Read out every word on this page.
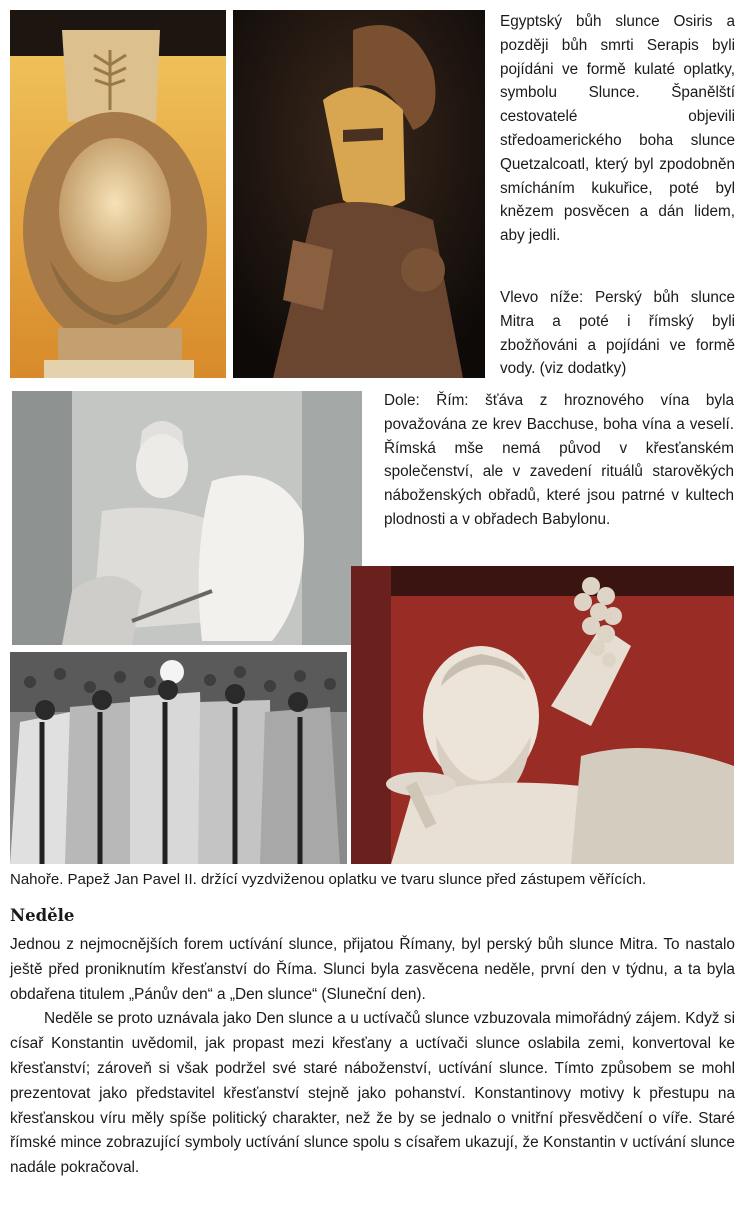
Egyptský bůh slunce Osiris a později bůh smrti Serapis byli pojídáni ve formě kulaté oplatky, symbolu Slunce. Španělští cestovatelé objevili středoamerického boha slunce Quetzalcoatl, který byl zpodobněn smícháním kukuřice, poté byl knězem posvěcen a dán lidem, aby jedli.
Vlevo níže: Perský bůh slunce Mitra a poté i římský byli zbožňováni a pojídáni ve formě vody. (viz dodatky)
Dole: Řím: šťáva z hroznového vína byla považována ze krev Bacchuse, boha vína a veselí. Římská mše nemá původ v křesťanském společenství, ale v zavedení rituálů starověkých náboženských obřadů, které jsou patrné v kultech plodnosti a v obřadech Babylonu.
Nahoře. Papež Jan Pavel II. držící vyzdviženou oplatku ve tvaru slunce před zástupem věřících.
Neděle

Jednou z nejmocnějších forem uctívání slunce, přijatou Římany, byl perský bůh slunce Mitra. To nastalo ještě před proniknutím křesťanství do Říma. Slunci byla zasvěcena neděle, první den v týdnu, a ta byla obdařena titulem „Pánův den“ a „Den slunce“ (Sluneční den).

Neděle se proto uznávala jako Den slunce a u uctívačů slunce vzbuzovala mimořádný zájem. Když si císař Konstantin uvědomil, jak propast mezi křesťany a uctívači slunce oslabila zemi, konvertoval ke křesťanství; zároveň si však podržel své staré náboženství, uctívání slunce. Tímto způsobem se mohl prezentovat jako představitel křesťanství stejně jako pohanství. Konstantinovy motivy k přestupu na křesťanskou víru měly spíše politický charakter, než že by se jednalo o vnitřní přesvědčení o víře. Staré římské mince zobrazující symboly uctívání slunce spolu s císařem ukazují, že Konstantin v uctívání slunce nadále pokračoval.
